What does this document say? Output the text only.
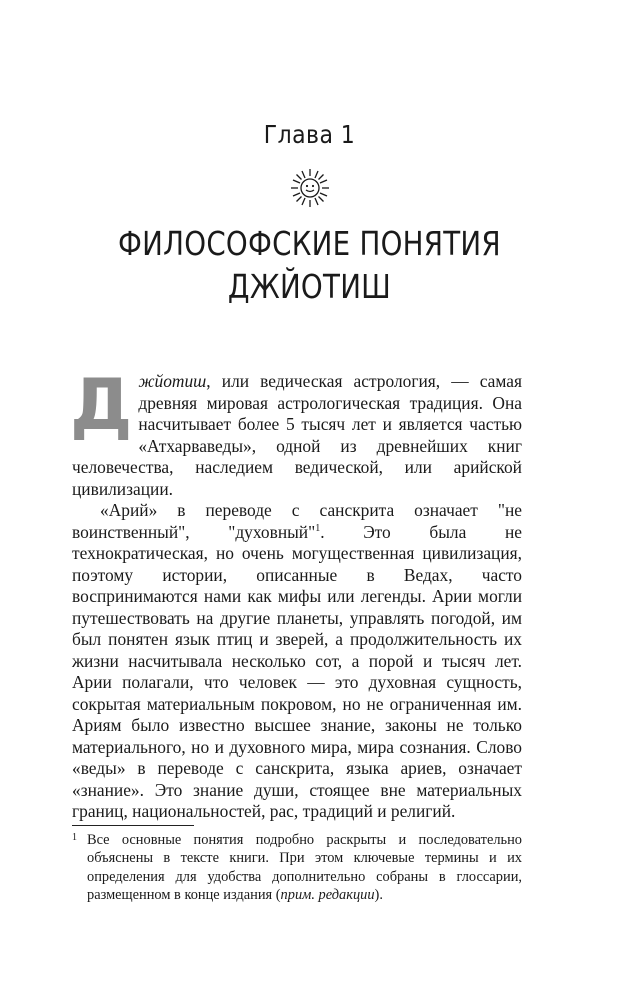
Глава 1
ФИЛОСОФСКИЕ ПОНЯТИЯ
ДЖЙОТИШ

Джйотиш, или ведическая астрология, — самая древняя мировая астрологическая традиция. Она насчитывает более 5 тысяч лет и является частью «Атхарваведы», одной из древнейших книг человечества, наследием ведической, или арийской цивилизации.

«Арий» в переводе с санскрита означает "не воинственный", "духовный"$^1$. Это была не технократическая, но очень могущественная цивилизация, поэтому истории, описанные в Ведах, часто воспринимаются нами как мифы или легенды. Арии могли путешествовать на другие планеты, управлять погодой, им был понятен язык птиц и зверей, а продолжительность их жизни насчитывала несколько сот, а порой и тысяч лет. Арии полагали, что человек — это духовная сущность, сокрытая материальным покровом, но не ограниченная им. Ариям было известно высшее знание, законы не только материального, но и духовного мира, мира сознания. Слово «веды» в переводе с санскрита, языка ариев, означает «знание». Это знание души, стоящее вне материальных границ, национальностей, рас, традиций и религий.

1 Все основные понятия подробно раскрыты и последовательно объяснены в тексте книги. При этом ключевые термины и их определения для удобства дополнительно собраны в глоссарии, размещенном в конце издания (прим. редакции).
